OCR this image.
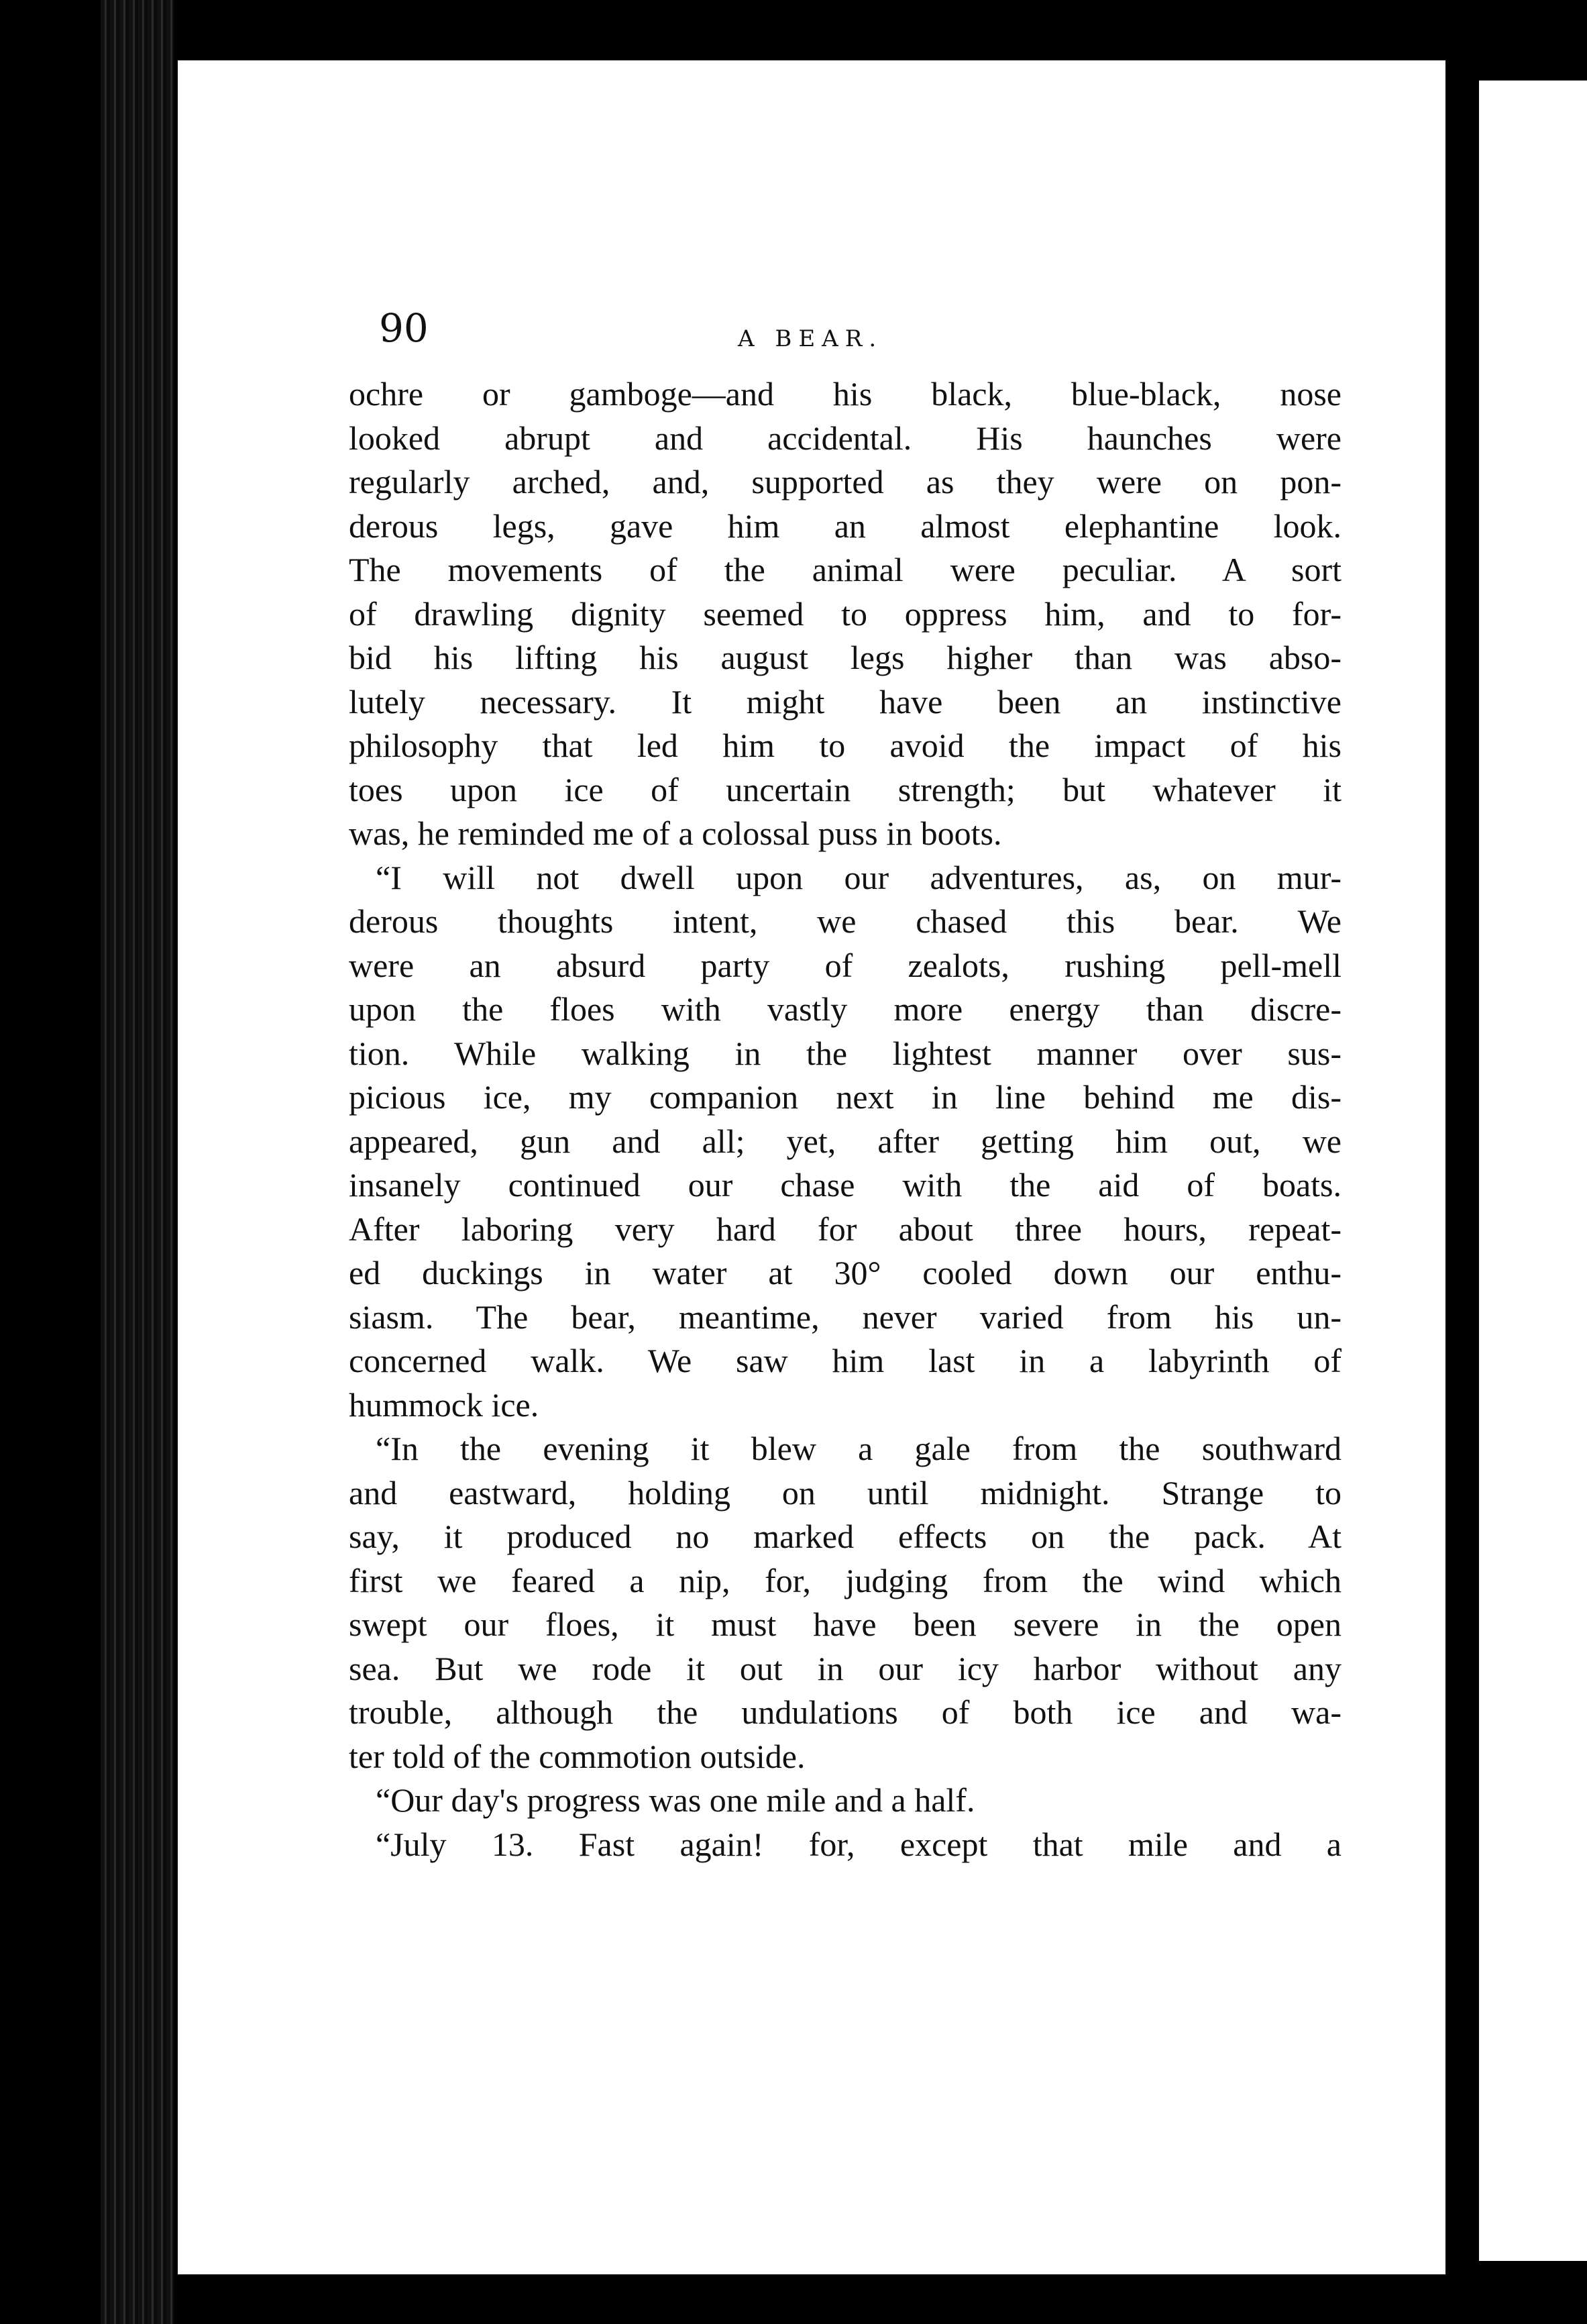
90	A BEAR.
ochre or gamboge—and his black, blue-black, nose
looked abrupt and accidental. His haunches were
regularly arched, and, supported as they were on pon-
derous legs, gave him an almost elephantine look.
The movements of the animal were peculiar. A sort
of drawling dignity seemed to oppress him, and to for-
bid his lifting his august legs higher than was abso-
lutely necessary. It might have been an instinctive
philosophy that led him to avoid the impact of his
toes upon ice of uncertain strength; but whatever it
was, he reminded me of a colossal puss in boots.
“I will not dwell upon our adventures, as, on mur-
derous thoughts intent, we chased this bear. We
were an absurd party of zealots, rushing pell-mell
upon the floes with vastly more energy than discre-
tion. While walking in the lightest manner over sus-
picious ice, my companion next in line behind me dis-
appeared, gun and all; yet, after getting him out, we
insanely continued our chase with the aid of boats.
After laboring very hard for about three hours, repeat-
ed duckings in water at 30° cooled down our enthu-
siasm. The bear, meantime, never varied from his un-
concerned walk. We saw him last in a labyrinth of
hummock ice.
“In the evening it blew a gale from the southward
and eastward, holding on until midnight. Strange to
say, it produced no marked effects on the pack. At
first we feared a nip, for, judging from the wind which
swept our floes, it must have been severe in the open
sea. But we rode it out in our icy harbor without any
trouble, although the undulations of both ice and wa-
ter told of the commotion outside.
“Our day's progress was one mile and a half.
“July 13. Fast again! for, except that mile and a
